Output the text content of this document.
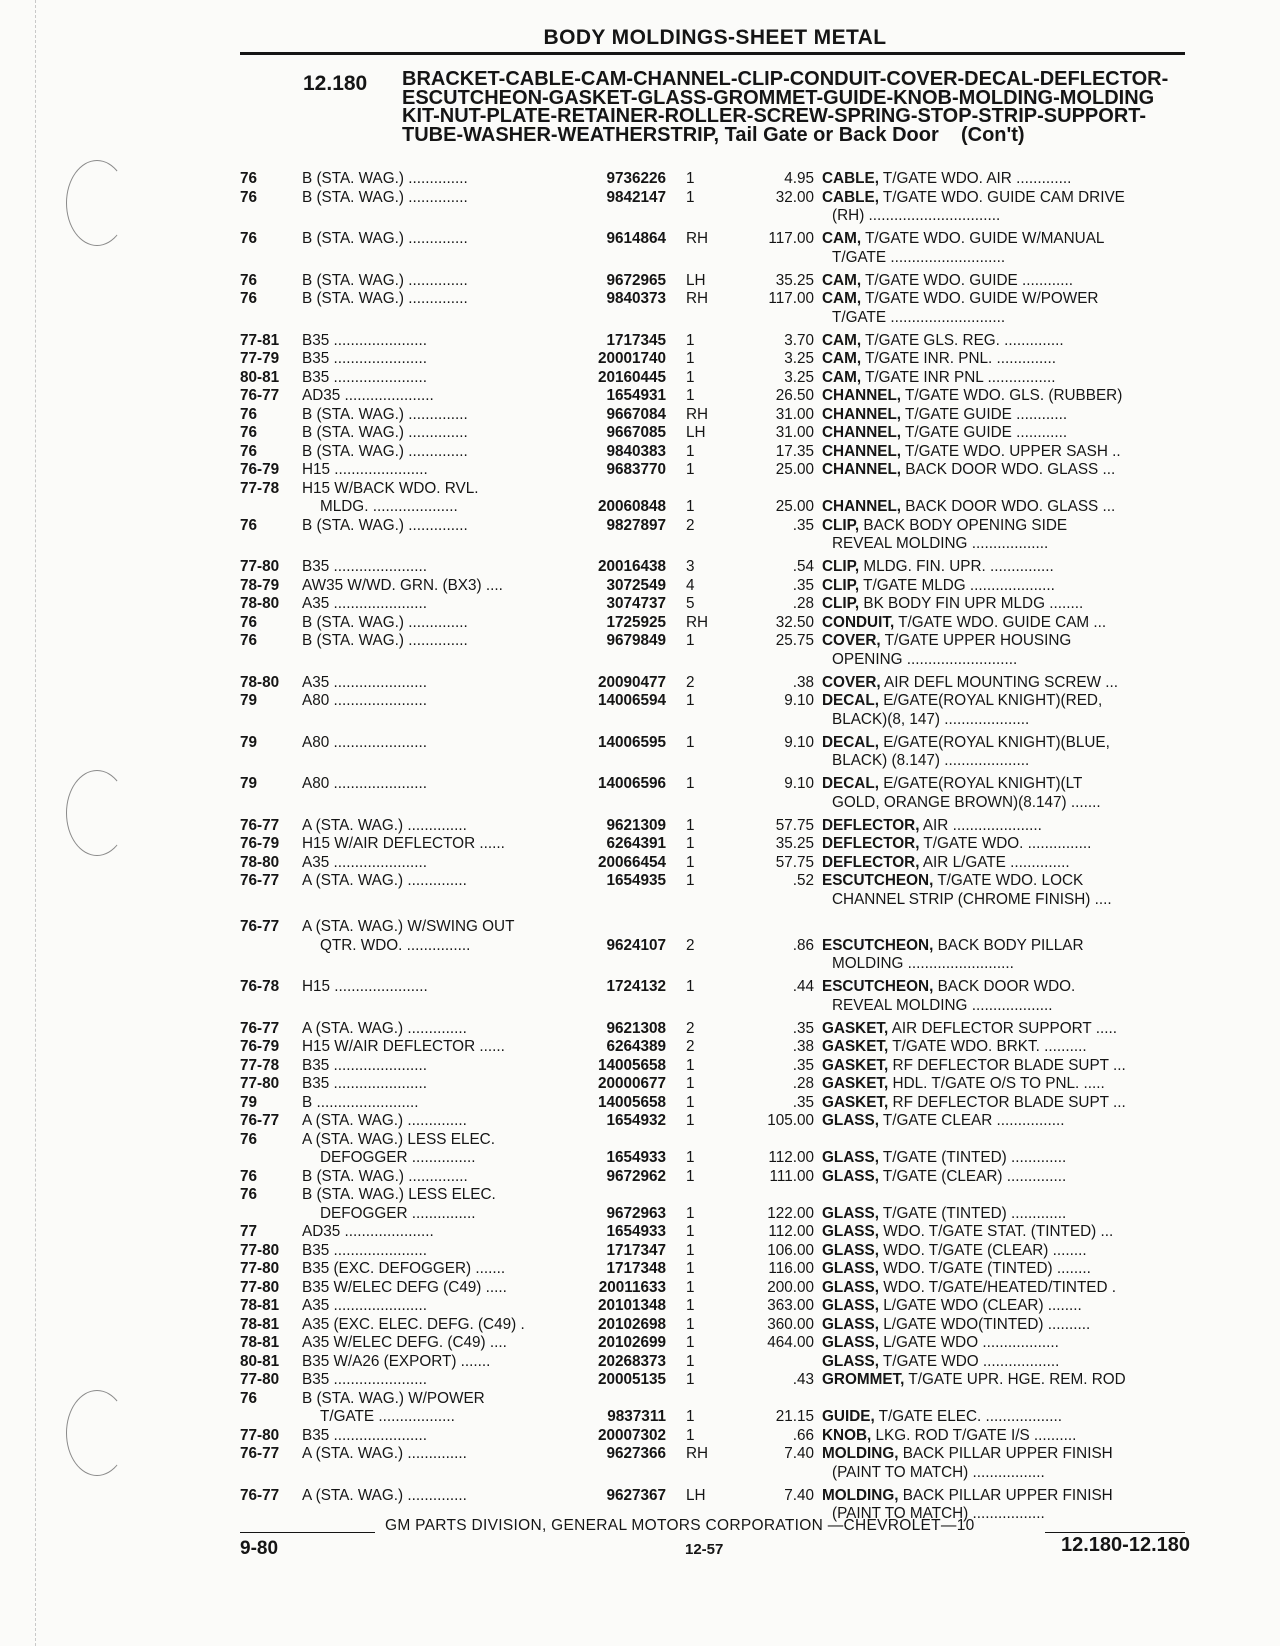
BODY MOLDINGS-SHEET METAL
12.180 BRACKET-CABLE-CAM-CHANNEL-CLIP-CONDUIT-COVER-DECAL-DEFLECTOR-ESCUTCHEON-GASKET-GLASS-GROMMET-GUIDE-KNOB-MOLDING-MOLDING KIT-NUT-PLATE-RETAINER-ROLLER-SCREW-SPRING-STOP-STRIP-SUPPORT-TUBE-WASHER-WEATHERSTRIP, Tail Gate or Back Door (Con't)
76	B (STA. WAG.) ..............	9736226 1	4.95 CABLE, T/GATE WDO. AIR .............
76	B (STA. WAG.) ..............	9842147 1	32.00 CABLE, T/GATE WDO. GUIDE CAM DRIVE
(RH) ...............................
76	B (STA. WAG.) ..............	9614864 RH	117.00 CAM, T/GATE WDO. GUIDE W/MANUAL
T/GATE ...........................
76	B (STA. WAG.) ..............	9672965 LH	35.25 CAM, T/GATE WDO. GUIDE ............
76	B (STA. WAG.) ..............	9840373 RH	117.00 CAM, T/GATE WDO. GUIDE W/POWER
T/GATE ...........................
77-81 B35 ......................	1717345 1	3.70 CAM, T/GATE GLS. REG. ..............
77-79 B35 ......................	20001740 1	3.25 CAM, T/GATE INR. PNL. ..............
80-81 B35 ......................	20160445 1	3.25 CAM, T/GATE INR PNL ................
76-77 AD35 .....................	1654931 1	26.50 CHANNEL, T/GATE WDO. GLS. (RUBBER)
76	B (STA. WAG.) ..............	9667084 RH	31.00 CHANNEL, T/GATE GUIDE ............
76	B (STA. WAG.) ..............	9667085 LH	31.00 CHANNEL, T/GATE GUIDE ............
76	B (STA. WAG.) ..............	9840383 1	17.35 CHANNEL, T/GATE WDO. UPPER SASH ..
76-79 H15 ......................	9683770 1	25.00 CHANNEL, BACK DOOR WDO. GLASS ...
77-78 H15 W/BACK WDO. RVL.
MLDG. ....................	20060848 1	25.00 CHANNEL, BACK DOOR WDO. GLASS ...
76	B (STA. WAG.) ..............	9827897 2	.35 CLIP, BACK BODY OPENING SIDE
REVEAL MOLDING ..................
77-80 B35 ......................	20016438 3	.54 CLIP, MLDG. FIN. UPR. ...............
78-79 AW35 W/WD. GRN. (BX3) ....	3072549 4	.35 CLIP, T/GATE MLDG ....................
78-80 A35 ......................	3074737 5	.28 CLIP, BK BODY FIN UPR MLDG ........
76	B (STA. WAG.) ..............	1725925 RH	32.50 CONDUIT, T/GATE WDO. GUIDE CAM ...
76	B (STA. WAG.) ..............	9679849 1	25.75 COVER, T/GATE UPPER HOUSING
OPENING ..........................
78-80 A35 ......................	20090477 2	.38 COVER, AIR DEFL MOUNTING SCREW ...
79	A80 ......................	14006594 1	9.10 DECAL, E/GATE(ROYAL KNIGHT)(RED,
BLACK)(8, 147) ....................
79	A80 ......................	14006595 1	9.10 DECAL, E/GATE(ROYAL KNIGHT)(BLUE,
BLACK) (8.147) ....................
79	A80 ......................	14006596 1	9.10 DECAL, E/GATE(ROYAL KNIGHT)(LT
GOLD, ORANGE BROWN)(8.147) .......
76-77 A (STA. WAG.) ..............	9621309 1	57.75 DEFLECTOR, AIR .....................
76-79 H15 W/AIR DEFLECTOR ......	6264391 1	35.25 DEFLECTOR, T/GATE WDO. ...............
78-80 A35 ......................	20066454 1	57.75 DEFLECTOR, AIR L/GATE ..............
76-77 A (STA. WAG.) ..............	1654935 1	.52 ESCUTCHEON, T/GATE WDO. LOCK
CHANNEL STRIP (CHROME FINISH) ....
76-77 A (STA. WAG.) W/SWING OUT
QTR. WDO. ...............	9624107 2	.86 ESCUTCHEON, BACK BODY PILLAR
MOLDING .........................
76-78 H15 ......................	1724132 1	.44 ESCUTCHEON, BACK DOOR WDO.
REVEAL MOLDING ...................
76-77 A (STA. WAG.) ..............	9621308 2	.35 GASKET, AIR DEFLECTOR SUPPORT .....
76-79 H15 W/AIR DEFLECTOR ......	6264389 2	.38 GASKET, T/GATE WDO. BRKT. ..........
77-78 B35 ......................	14005658 1	.35 GASKET, RF DEFLECTOR BLADE SUPT ...
77-80 B35 ......................	20000677 1	.28 GASKET, HDL. T/GATE O/S TO PNL. .....
79	B ........................	14005658 1	.35 GASKET, RF DEFLECTOR BLADE SUPT ...
76-77 A (STA. WAG.) ..............	1654932 1	105.00 GLASS, T/GATE CLEAR ................
76	A (STA. WAG.) LESS ELEC.
DEFOGGER ...............	1654933 1	112.00 GLASS, T/GATE (TINTED) .............
76	B (STA. WAG.) ..............	9672962 1	111.00 GLASS, T/GATE (CLEAR) ..............
76	B (STA. WAG.) LESS ELEC.
DEFOGGER ...............	9672963 1	122.00 GLASS, T/GATE (TINTED) .............
77	AD35 .....................	1654933 1	112.00 GLASS, WDO. T/GATE STAT. (TINTED) ...
77-80 B35 ......................	1717347 1	106.00 GLASS, WDO. T/GATE (CLEAR) ........
77-80 B35 (EXC. DEFOGGER) .......	1717348 1	116.00 GLASS, WDO. T/GATE (TINTED) ........
77-80 B35 W/ELEC DEFG (C49) .....	20011633 1	200.00 GLASS, WDO. T/GATE/HEATED/TINTED .
78-81 A35 ......................	20101348 1	363.00 GLASS, L/GATE WDO (CLEAR) ........
78-81 A35 (EXC. ELEC. DEFG. (C49) .	20102698 1	360.00 GLASS, L/GATE WDO(TINTED) ..........
78-81 A35 W/ELEC DEFG. (C49) ....	20102699 1	464.00 GLASS, L/GATE WDO ..................
80-81 B35 W/A26 (EXPORT) .......	20268373 1	GLASS, T/GATE WDO ..................
77-80 B35 ......................	20005135 1	.43 GROMMET, T/GATE UPR. HGE. REM. ROD
76	B (STA. WAG.) W/POWER
T/GATE ..................	9837311 1	21.15 GUIDE, T/GATE ELEC. ..................
77-80 B35 ......................	20007302 1	.66 KNOB, LKG. ROD T/GATE I/S ..........
76-77 A (STA. WAG.) ..............	9627366 RH	7.40 MOLDING, BACK PILLAR UPPER FINISH
(PAINT TO MATCH) .................
76-77 A (STA. WAG.) ..............	9627367 LH	7.40 MOLDING, BACK PILLAR UPPER FINISH
(PAINT TO MATCH) .................
GM PARTS DIVISION, GENERAL MOTORS CORPORATION —CHEVROLET—10
9-80	12-57	12.180-12.180
